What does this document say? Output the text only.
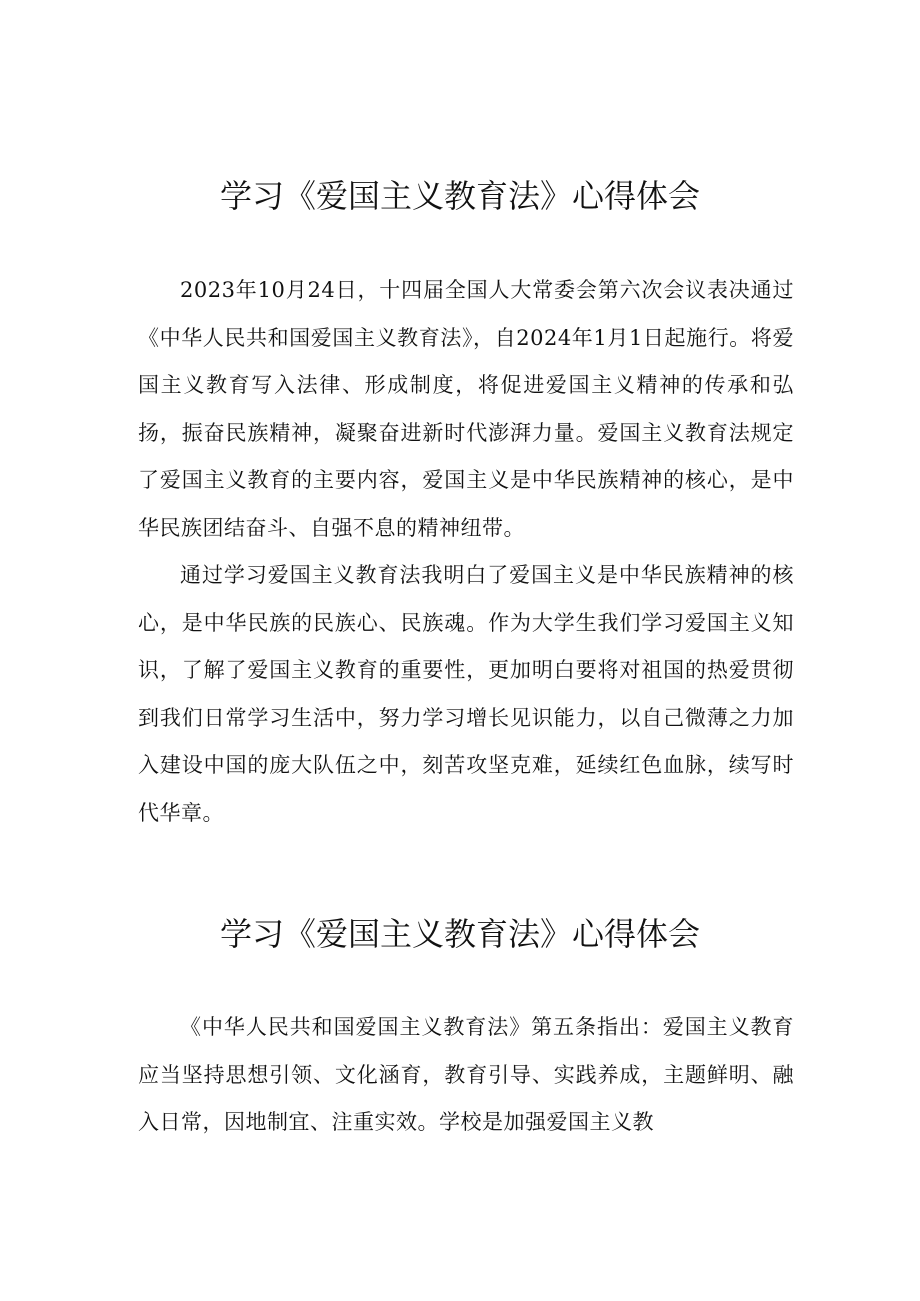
学习《爱国主义教育法》心得体会

2023年10月24日，十四届全国人大常委会第六次会议表决通过《中华人民共和国爱国主义教育法》，自2024年1月1日起施行。将爱国主义教育写入法律、形成制度，将促进爱国主义精神的传承和弘扬，振奋民族精神，凝聚奋进新时代澎湃力量。爱国主义教育法规定了爱国主义教育的主要内容，爱国主义是中华民族精神的核心，是中华民族团结奋斗、自强不息的精神纽带。

通过学习爱国主义教育法我明白了爱国主义是中华民族精神的核心，是中华民族的民族心、民族魂。作为大学生我们学习爱国主义知识，了解了爱国主义教育的重要性，更加明白要将对祖国的热爱贯彻到我们日常学习生活中，努力学习增长见识能力，以自己微薄之力加入建设中国的庞大队伍之中，刻苦攻坚克难，延续红色血脉，续写时代华章。

学习《爱国主义教育法》心得体会

《中华人民共和国爱国主义教育法》第五条指出：爱国主义教育应当坚持思想引领、文化涵育，教育引导、实践养成，主题鲜明、融入日常，因地制宜、注重实效。学校是加强爱国主义教
